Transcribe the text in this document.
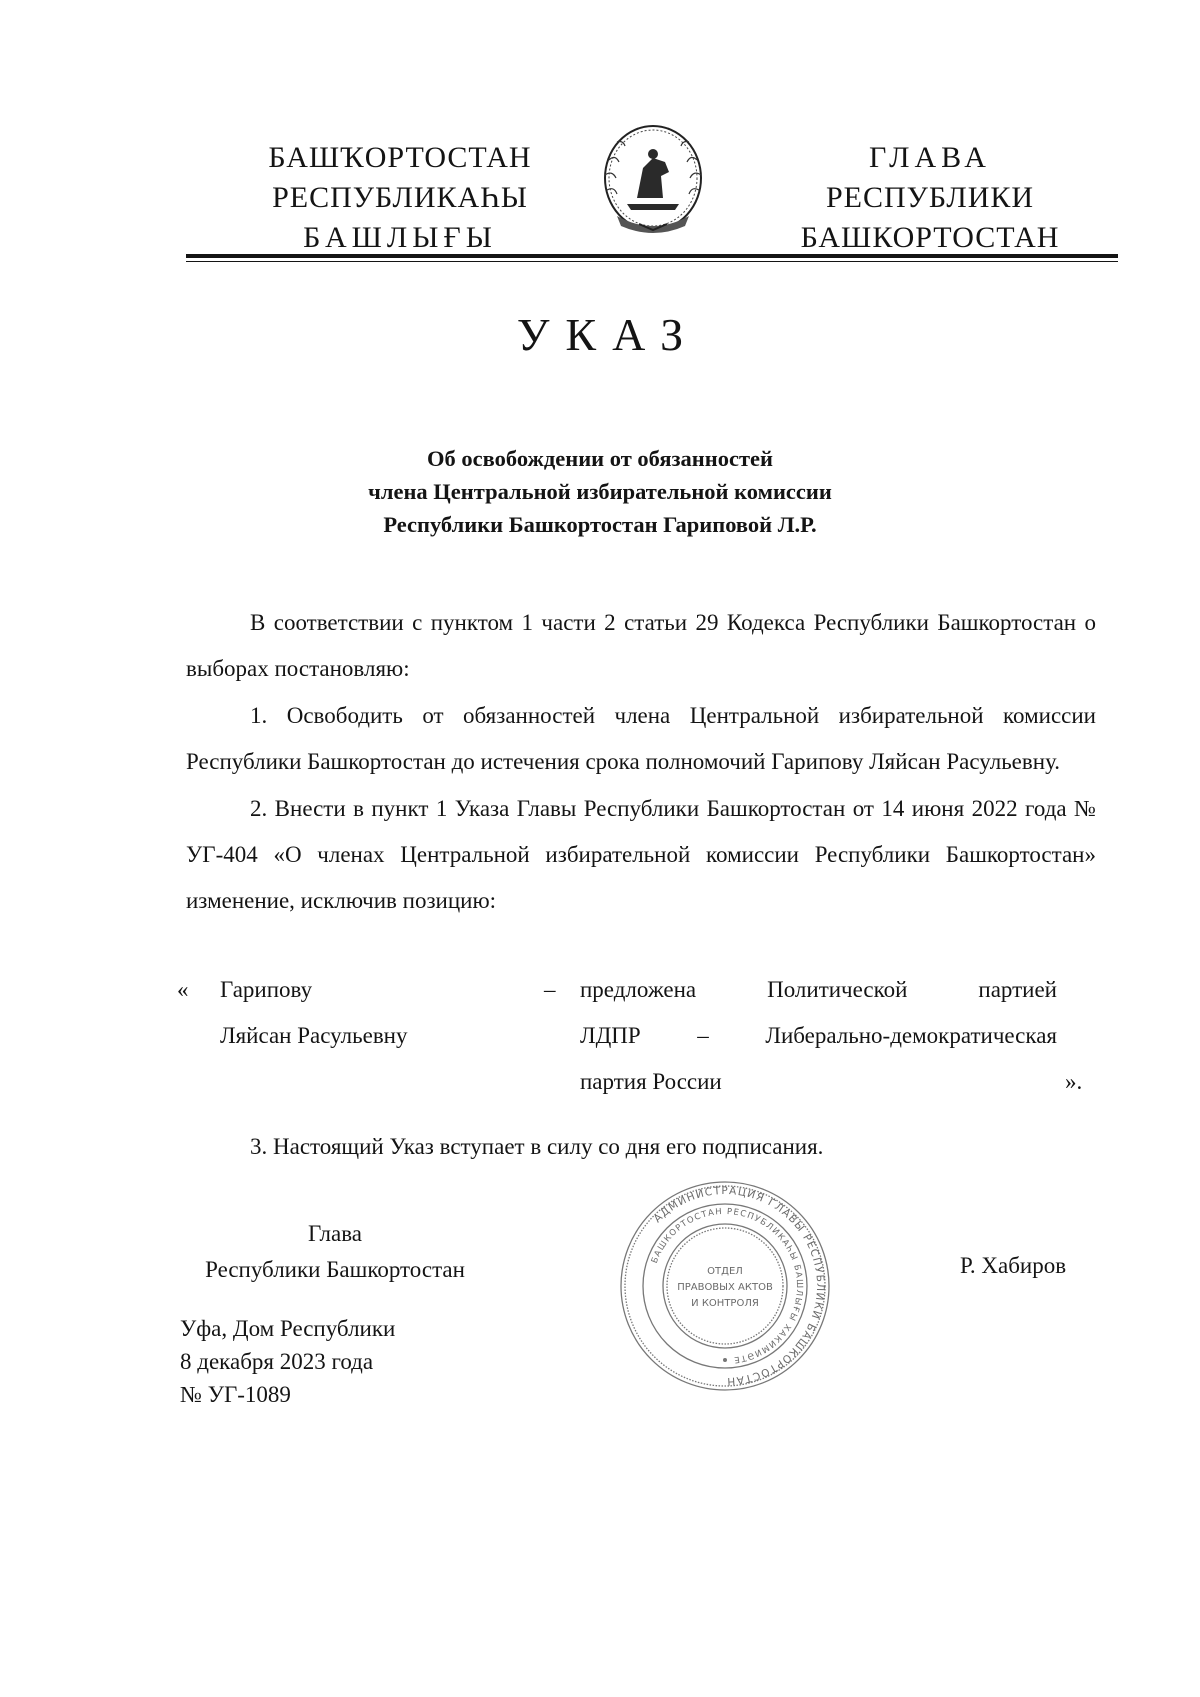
БАШҠОРТОСТАН
РЕСПУБЛИКАҺЫ
БАШЛЫҒЫ
ГЛАВА
РЕСПУБЛИКИ
БАШКОРТОСТАН
УКАЗ
Об освобождении от обязанностей
члена Центральной избирательной комиссии
Республики Башкортостан Гариповой Л.Р.

В соответствии с пунктом 1 части 2 статьи 29 Кодекса Республики Башкортостан о выборах постановляю:

1. Освободить от обязанностей члена Центральной избирательной комиссии Республики Башкортостан до истечения срока полномочий Гарипову Ляйсан Расульевну.

2. Внести в пункт 1 Указа Главы Республики Башкортостан от 14 июня 2022 года № УГ-404 «О членах Центральной избирательной комиссии Республики Башкортостан» изменение, исключив позицию:

« Гарипову
Ляйсан Расульевну
– предложена Политической партией
ЛДПР – Либерально-демократическая
партия России	».
3. Настоящий Указ вступает в силу со дня его подписания.
Глава
Республики Башкортостан
АДМИНИСТРАЦИЯ ГЛАВЫ РЕСПУБЛИКИ БАШКОРТОСТАН
БАШКОРТОСТАН РЕСПУБЛИКАҺЫ БАШЛЫҒЫ ХАКИМИӘТЕ
ОТДЕЛ
ПРАВОВЫХ АКТОВ
И КОНТРОЛЯ
Р. Хабиров
Уфа, Дом Республики
8 декабря 2023 года
№ УГ-1089
